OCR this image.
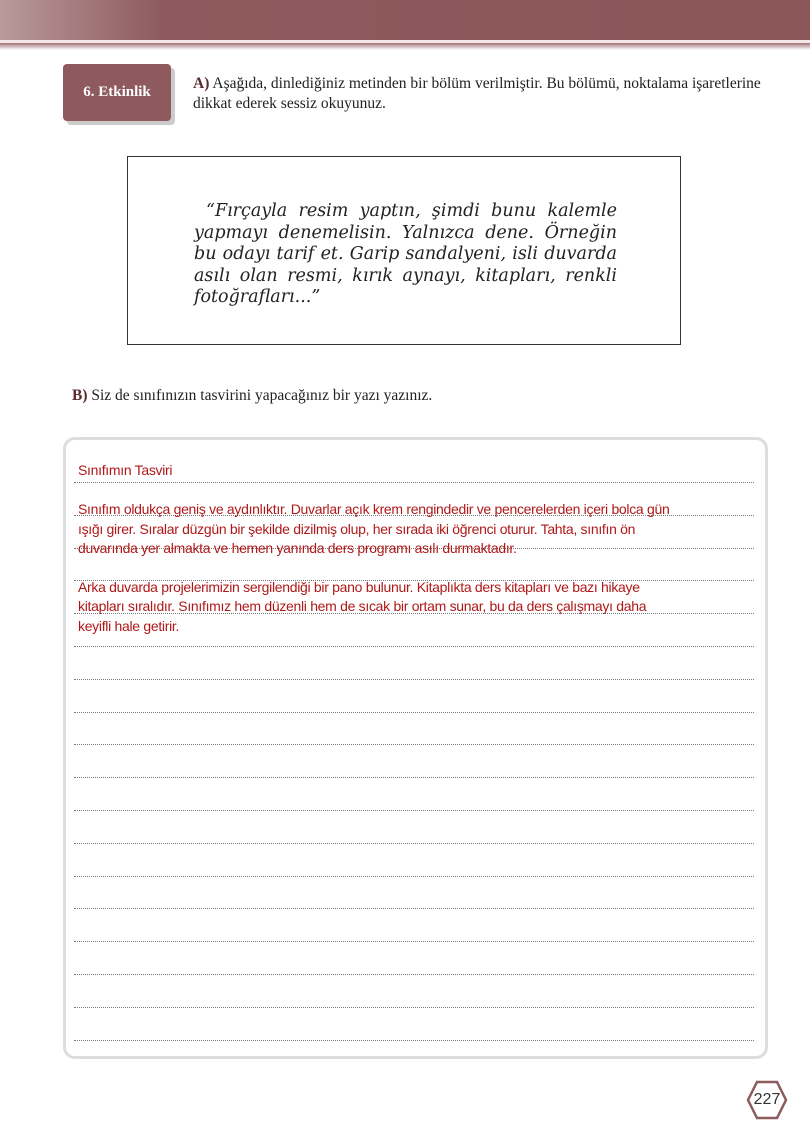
6. Etkinlik	A) Aşağıda, dinlediğiniz metinden bir bölüm verilmiştir. Bu bölümü, noktalama işaretlerine dikkat ederek sessiz okuyunuz.

“Fırçayla resim yaptın, şimdi bunu kalemle yapmayı denemelisin. Yalnızca dene. Örneğin bu odayı tarif et. Garip sandalyeni, isli duvarda asılı olan resmi, kırık aynayı, kitapları, renkli fotoğrafları...”

B) Siz de sınıfınızın tasvirini yapacağınız bir yazı yazınız.
Sınıfımın Tasviri
Sınıfım oldukça geniş ve aydınlıktır. Duvarlar açık krem rengindedir ve pencerelerden içeri bolca gün
ışığı girer. Sıralar düzgün bir şekilde dizilmiş olup, her sırada iki öğrenci oturur. Tahta, sınıfın ön
duvarında yer almakta ve hemen yanında ders programı asılı durmaktadır.
Arka duvarda projelerimizin sergilendiği bir pano bulunur. Kitaplıkta ders kitapları ve bazı hikaye
kitapları sıralıdır. Sınıfımız hem düzenli hem de sıcak bir ortam sunar, bu da ders çalışmayı daha
keyifli hale getirir.
227
